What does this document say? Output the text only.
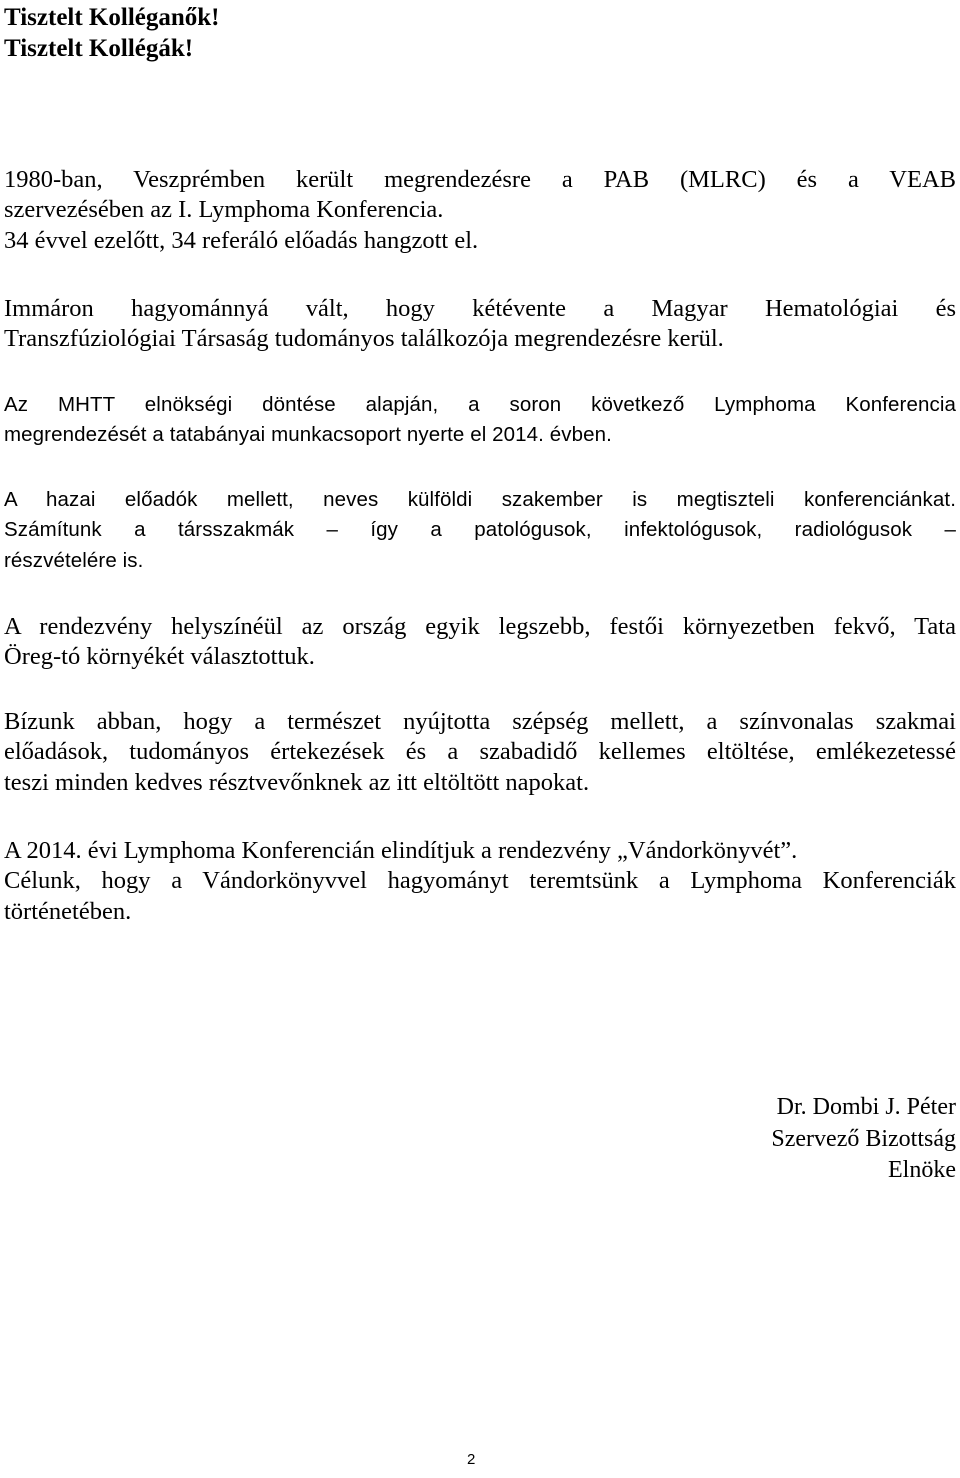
Tisztelt Kolléganők!
Tisztelt Kollégák!
1980-ban, Veszprémben került megrendezésre a PAB (MLRC) és a VEAB
szervezésében az I. Lymphoma Konferencia.
34 évvel ezelőtt, 34 referáló előadás hangzott el.
Immáron hagyománnyá vált, hogy kétévente a Magyar Hematológiai és
Transzfúziológiai Társaság tudományos találkozója megrendezésre kerül.
Az MHTT elnökségi döntése alapján, a soron következő Lymphoma Konferencia
megrendezését a tatabányai munkacsoport nyerte el 2014. évben.
A hazai előadók mellett, neves külföldi szakember is megtiszteli konferenciánkat.
Számítunk a társszakmák – így a patológusok, infektológusok, radiológusok –
részvételére is.
A rendezvény helyszínéül az ország egyik legszebb, festői környezetben fekvő, Tata
Öreg-tó környékét választottuk.
Bízunk abban, hogy a természet nyújtotta szépség mellett, a színvonalas szakmai
előadások, tudományos értekezések és a szabadidő kellemes eltöltése, emlékezetessé
teszi minden kedves résztvevőnknek az itt eltöltött napokat.
A 2014. évi Lymphoma Konferencián elindítjuk a rendezvény „Vándorkönyvét”.
Célunk, hogy a Vándorkönyvvel hagyományt teremtsünk a Lymphoma Konferenciák
történetében.
Dr. Dombi J. Péter
Szervező Bizottság
Elnöke
2
